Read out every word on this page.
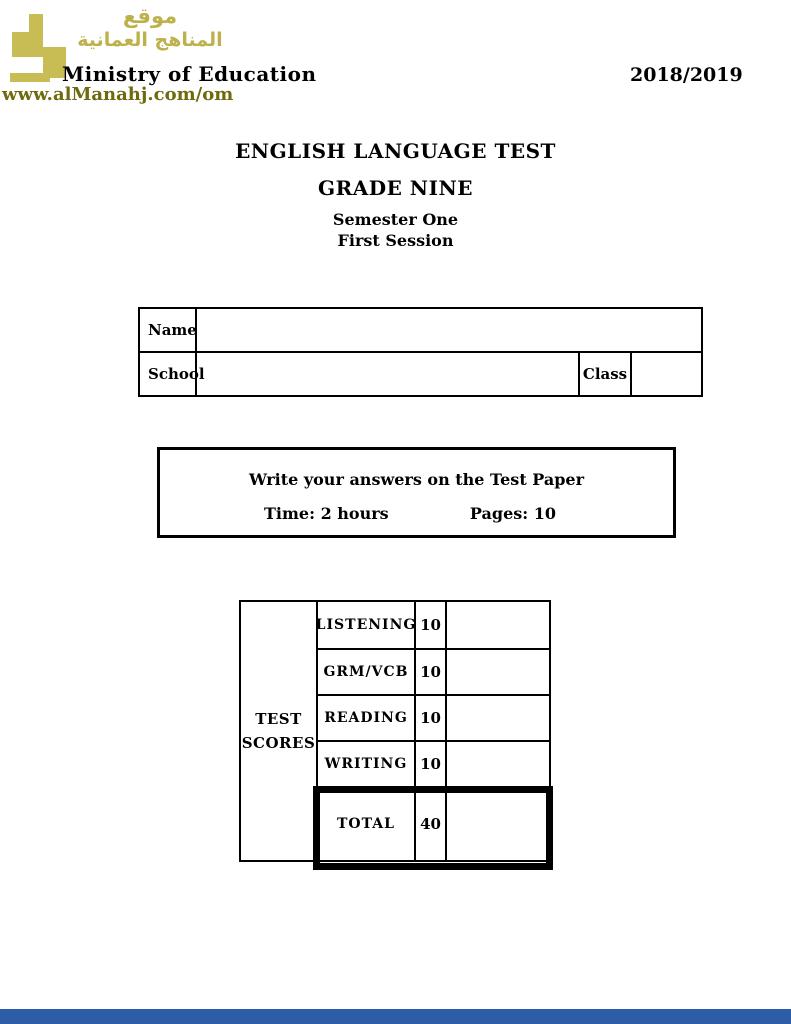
موقع
المناهج العمانية
Ministry of Education	2018/2019
www.alManahj.com/om
ENGLISH LANGUAGE TEST
GRADE NINE
Semester One
First Session
Name
School	Class
Write your answers on the Test Paper
Time: 2 hours	Pages: 10
TEST SCORES
LISTENING 10
GRM/VCB 10
READING 10
WRITING 10
TOTAL	40
